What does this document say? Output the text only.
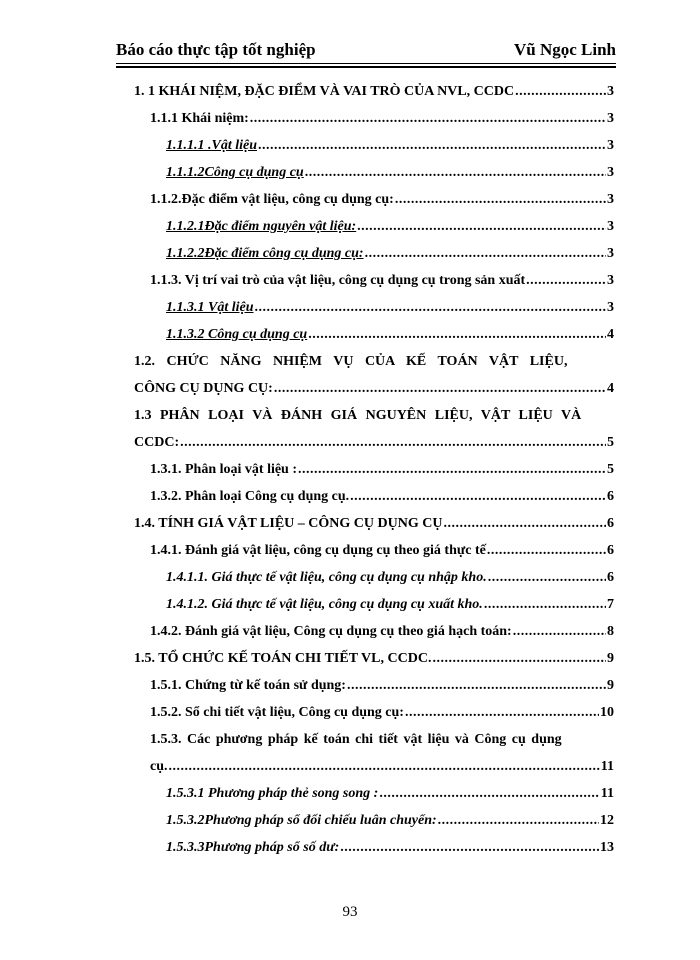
Báo cáo thực tập tốt nghiệp	Vũ Ngọc Linh
1. 1 KHÁI NIỆM, ĐẶC ĐIỂM VÀ VAI TRÒ CỦA NVL, CCDC .....	3
1.1.1 Khái niệm: .....	3
1.1.1.1 .Vật liệu .....	3
1.1.1.2Công cụ dụng cụ .....	3
1.1.2.Đặc điểm vật liệu, công cụ dụng cụ: .....	3
1.1.2.1Đặc điểm nguyên vật liệu: .....	3
1.1.2.2Đặc điểm công cụ dụng cụ: .....	3
1.1.3. Vị trí vai trò của vật liệu, công cụ dụng cụ trong sản xuất .....	3
1.1.3.1 Vật liệu .....	3
1.1.3.2 Công cụ dụng cụ .....	4
1.2. CHỨC NĂNG NHIỆM VỤ CỦA KẾ TOÁN VẬT LIỆU,
CÔNG CỤ DỤNG CỤ: .....	4
1.3 PHÂN LOẠI VÀ ĐÁNH GIÁ NGUYÊN LIỆU, VẬT LIỆU VÀ
CCDC: .....	5
1.3.1. Phân loại vật liệu : .....	5
1.3.2. Phân loại Công cụ dụng cụ. .....	6
1.4. TÍNH GIÁ VẬT LIỆU – CÔNG CỤ DỤNG CỤ .....	6
1.4.1. Đánh giá vật liệu, công cụ dụng cụ theo giá thực tế .....	6
1.4.1.1. Giá thực tế vật liệu, công cụ dụng cụ nhập kho. .....	6
1.4.1.2. Giá thực tế vật liệu, công cụ dụng cụ xuất kho. .....	7
1.4.2. Đánh giá vật liệu, Công cụ dụng cụ theo giá hạch toán: .....	8
1.5. TỔ CHỨC KẾ TOÁN CHI TIẾT VL, CCDC. .....	9
1.5.1. Chứng từ kế toán sử dụng: .....	9
1.5.2. Sổ chi tiết vật liệu, Công cụ dụng cụ: .....	10
1.5.3. Các phương pháp kế toán chi tiết vật liệu và Công cụ dụng
cụ. .....	11
1.5.3.1 Phương pháp thẻ song song : .....	11
1.5.3.2Phương pháp sổ đối chiếu luân chuyển: .....	12
1.5.3.3Phương pháp sổ số dư: .....	13
93
